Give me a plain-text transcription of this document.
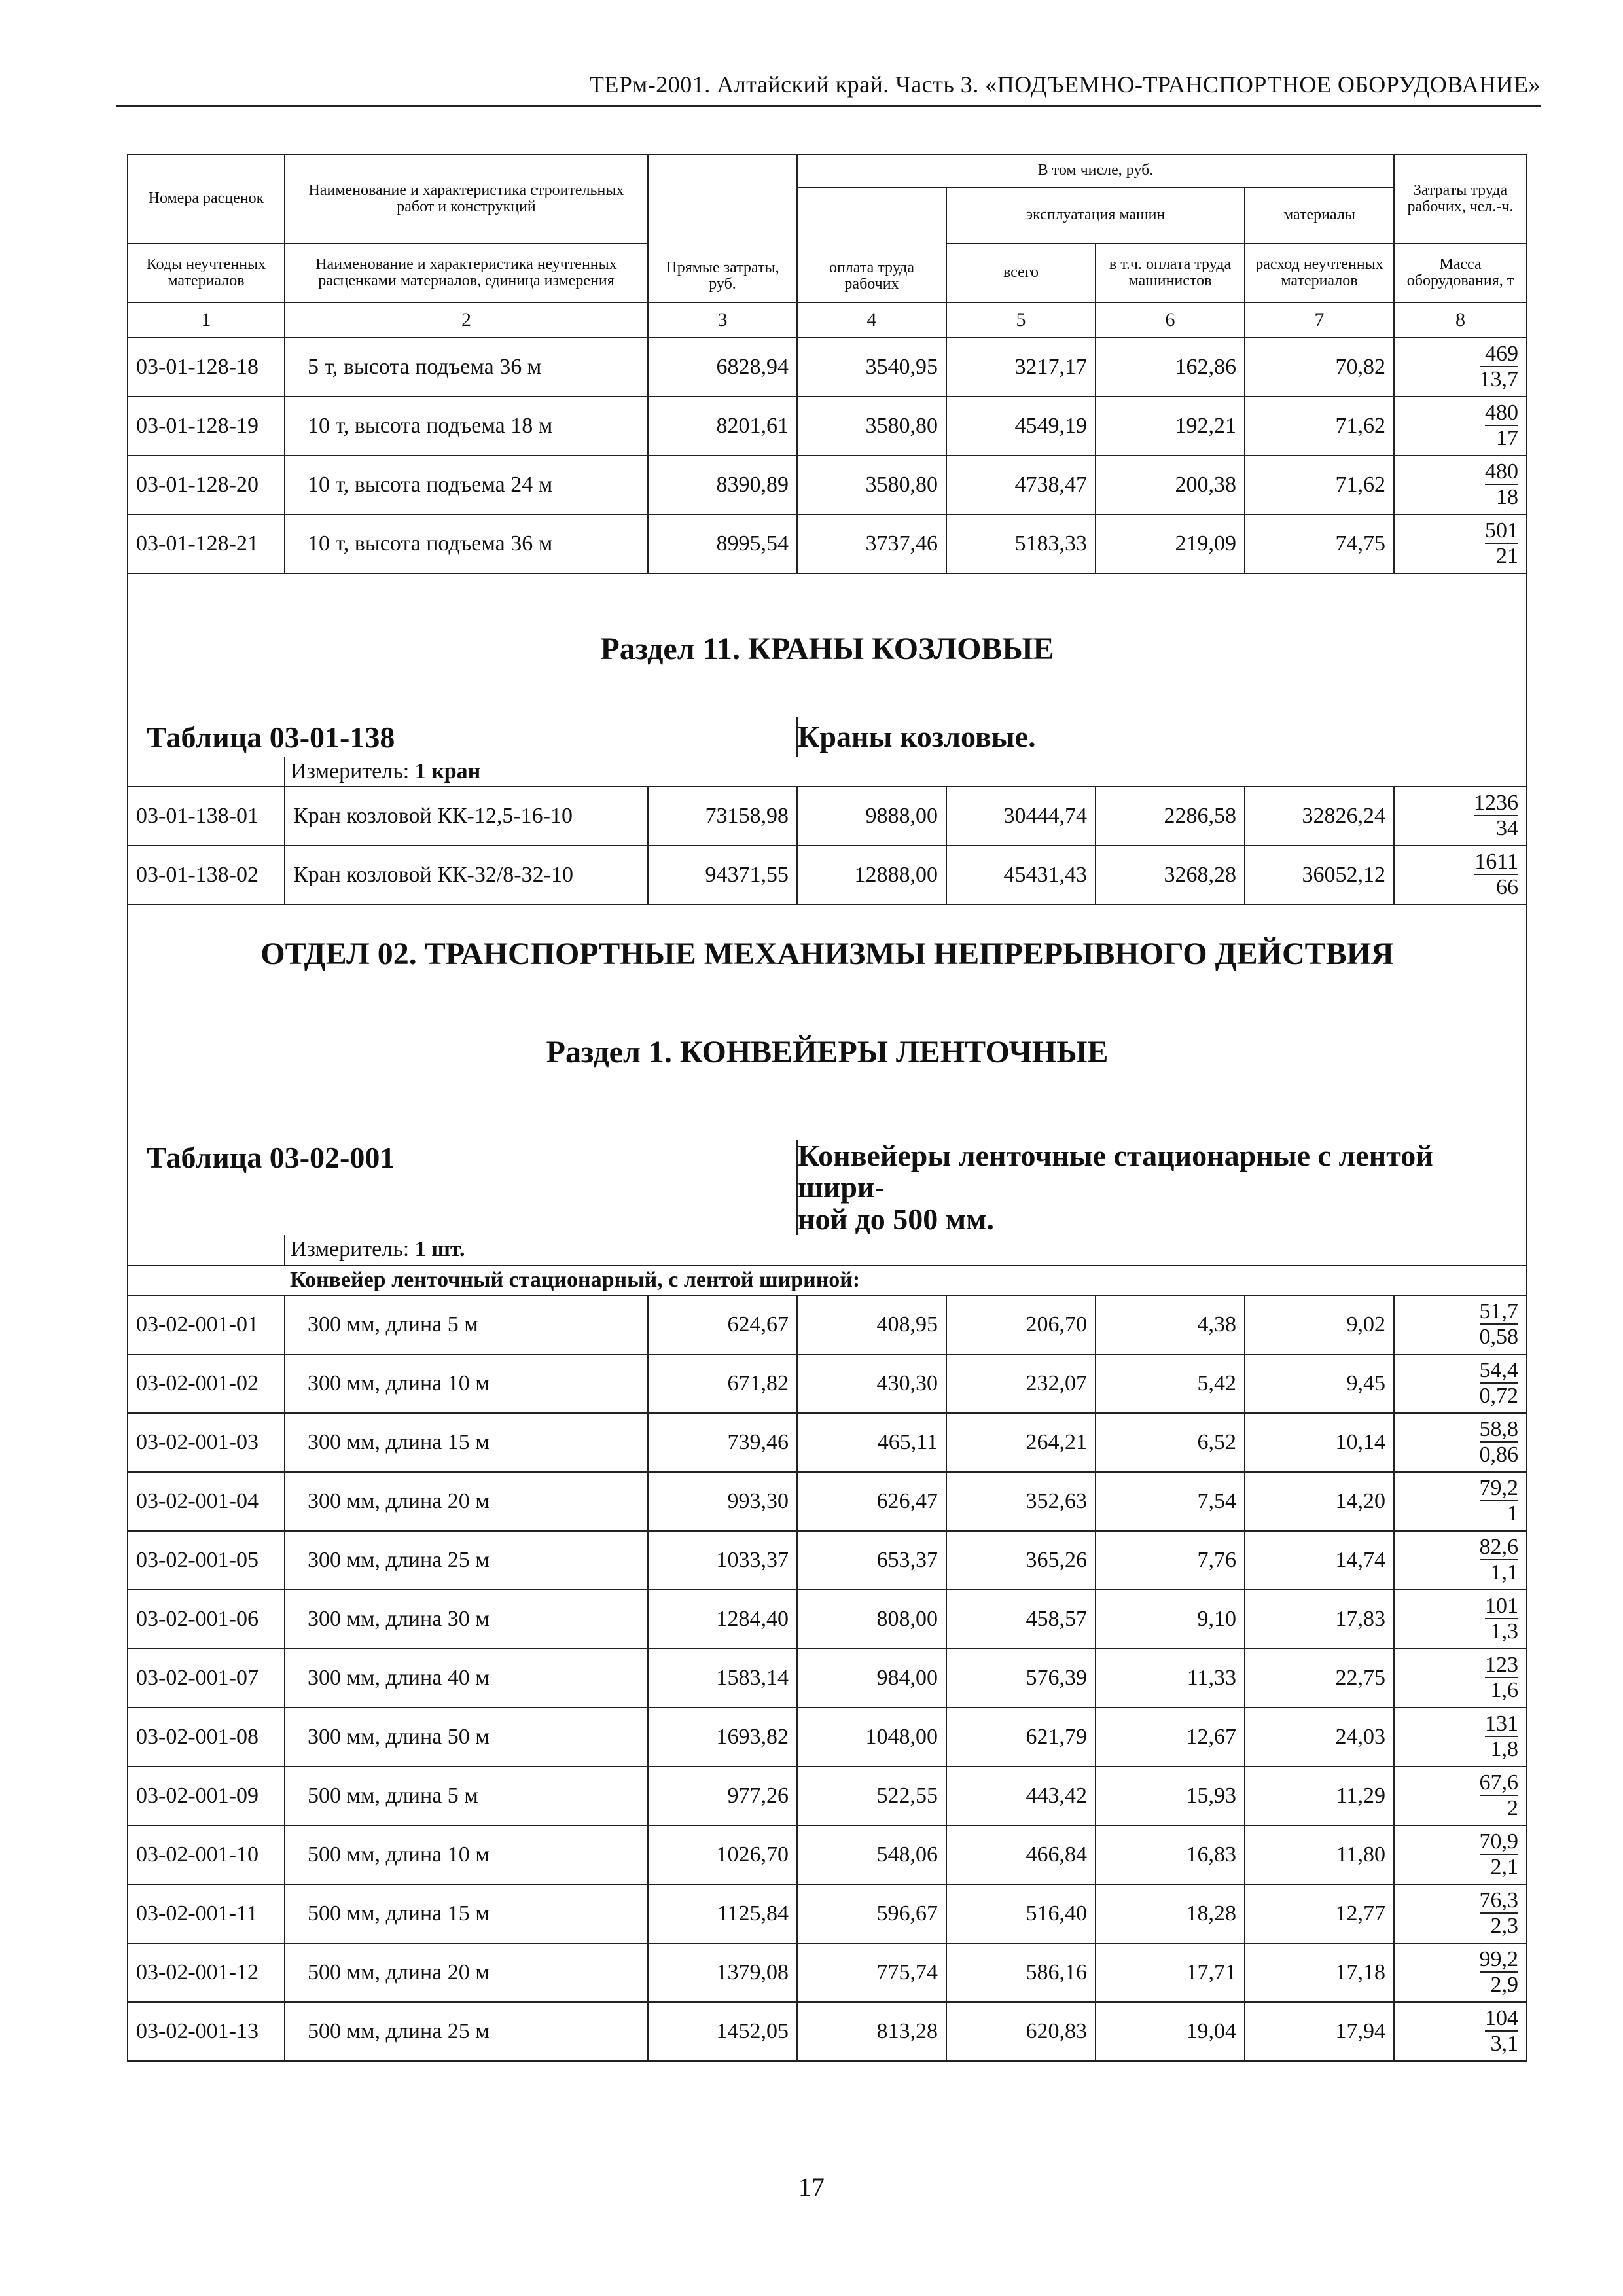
ТЕРм-2001. Алтайский край. Часть 3. «ПОДЪЕМНО-ТРАНСПОРТНОЕ ОБОРУДОВАНИЕ»
Номера расценок	Наименование и характеристика строительных работ и конструкций	Прямые затраты, руб.	В том числе, руб.				Затраты труда рабочих, чел.-ч.
			оплата труда рабочих	эксплуатация машин		материалы	
Коды неучтенных материалов	Наименование и характеристика неучтенных расценками материалов, единица измерения			всего	в т.ч. оплата труда машинистов	расход неучтенных материалов	Масса оборудования, т
1	2	3	4	5	6	7	8
03-01-128-18	5 т, высота подъема 36 м	6828,94	3540,95	3217,17	162,86	70,82	$\frac{469}{13,7}$

03-01-128-19	10 т, высота подъема 18 м	8201,61	3580,80	4549,19	192,21	71,62	$\frac{480}{17}$

03-01-128-20	10 т, высота подъема 24 м	8390,89	3580,80	4738,47	200,38	71,62	$\frac{480}{18}$

03-01-128-21	10 т, высота подъема 36 м	8995,54	3737,46	5183,33	219,09	74,75	$\frac{501}{21}$

Раздел 11. КРАНЫ КОЗЛОВЫЕ							

Таблица 03-01-138			Краны козловые.				
	Измеритель: 1 кран						
03-01-138-01	Кран козловой КК-12,5-16-10	73158,98	9888,00	30444,74	2286,58	32826,24	$\frac{1236}{34}$

03-01-138-02	Кран козловой КК-32/8-32-10	94371,55	12888,00	45431,43	3268,28	36052,12	$\frac{1611}{66}$

ОТДЕЛ 02. ТРАНСПОРТНЫЕ МЕХАНИЗМЫ НЕПРЕРЫВНОГО ДЕЙСТВИЯ							

Раздел 1. КОНВЕЙЕРЫ ЛЕНТОЧНЫЕ							

Таблица 03-02-001			Конвейеры ленточные стационарные с лентой шири-
ной до 500 мм.				

	Измеритель: 1 шт.						
	Конвейер ленточный стационарный, с лентой шириной:						
03-02-001-01	300 мм, длина 5 м	624,67	408,95	206,70	4,38	9,02	$\frac{51,7}{0,58}$

03-02-001-02	300 мм, длина 10 м	671,82	430,30	232,07	5,42	9,45	$\frac{54,4}{0,72}$

03-02-001-03	300 мм, длина 15 м	739,46	465,11	264,21	6,52	10,14	$\frac{58,8}{0,86}$

03-02-001-04	300 мм, длина 20 м	993,30	626,47	352,63	7,54	14,20	$\frac{79,2}{1}$

03-02-001-05	300 мм, длина 25 м	1033,37	653,37	365,26	7,76	14,74	$\frac{82,6}{1,1}$

03-02-001-06	300 мм, длина 30 м	1284,40	808,00	458,57	9,10	17,83	$\frac{101}{1,3}$

03-02-001-07	300 мм, длина 40 м	1583,14	984,00	576,39	11,33	22,75	$\frac{123}{1,6}$

03-02-001-08	300 мм, длина 50 м	1693,82	1048,00	621,79	12,67	24,03	$\frac{131}{1,8}$

03-02-001-09	500 мм, длина 5 м	977,26	522,55	443,42	15,93	11,29	$\frac{67,6}{2}$

03-02-001-10	500 мм, длина 10 м	1026,70	548,06	466,84	16,83	11,80	$\frac{70,9}{2,1}$

03-02-001-11	500 мм, длина 15 м	1125,84	596,67	516,40	18,28	12,77	$\frac{76,3}{2,3}$

03-02-001-12	500 мм, длина 20 м	1379,08	775,74	586,16	17,71	17,18	$\frac{99,2}{2,9}$

03-02-001-13	500 мм, длина 25 м	1452,05	813,28	620,83	19,04	17,94	$\frac{104}{3,1}$

17
